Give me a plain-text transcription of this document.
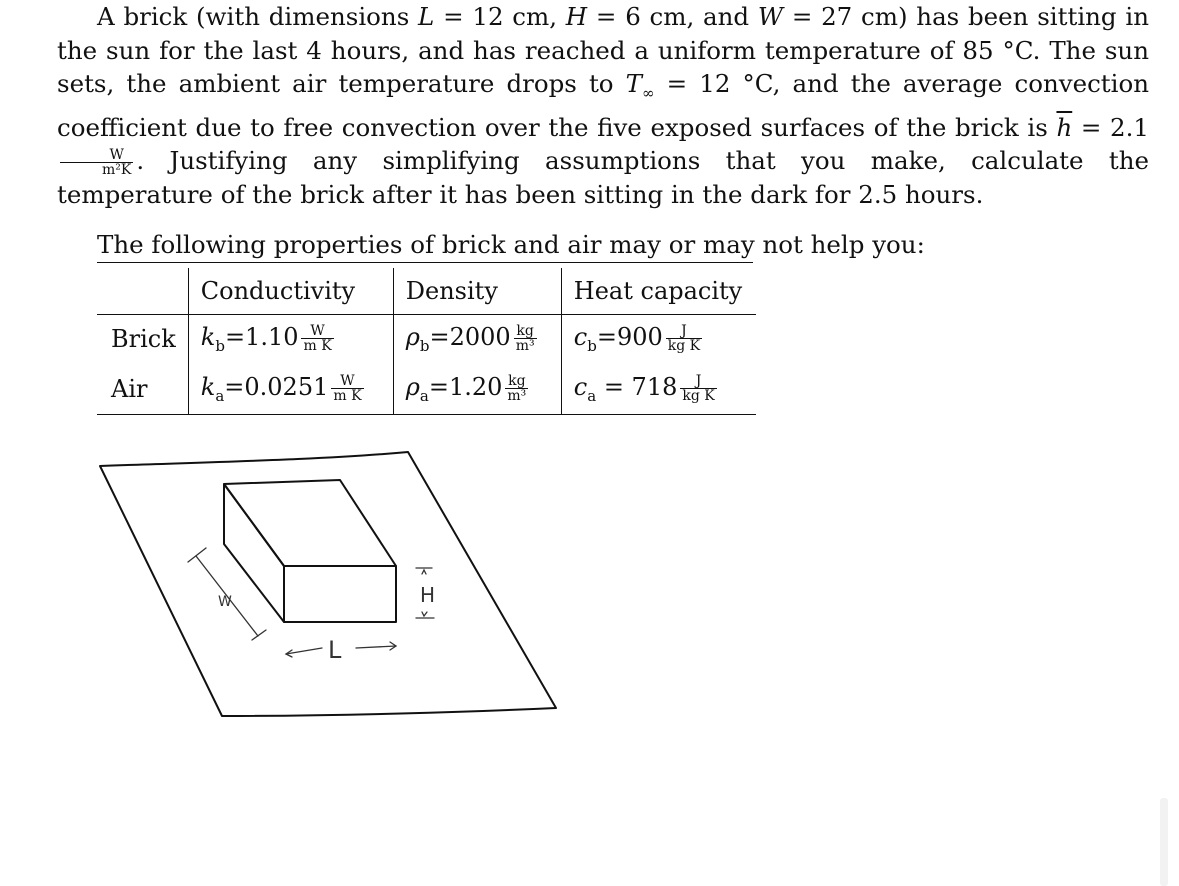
A brick (with dimensions L = 12 cm, H = 6 cm, and W = 27 cm) has been sitting in the sun for the last 4 hours, and has reached a uniform temperature of 85 °C. The sun sets, the ambient air temperature drops to $T_\infty = 12$ °C, and the average convection coefficient due to free convection over the five exposed surfaces of the brick is $\overline{h} = 2.1$
$\frac{W}{\text{m²K}}$ . Justifying any simplifying assumptions that you make, calculate the temperature of the brick after it has been sitting in the dark for 2.5 hours.

The following properties of brick and air may or may not help you:

	Conductivity	Density	Heat capacity
Brick	$k_b=1.10 \frac{W}{\text{m K}}$	$\rho_b=2000 \frac{kg}{\text{m³}}$	$c_b=900 \frac{J}{\text{kg K}}$

Air	$k_a=0.0251 \frac{W}{\text{m K}}$	$\rho_a=1.20 \frac{kg}{\text{m³}}$	$c_a = 718 \frac{J}{\text{kg K}}$
W	H
L
